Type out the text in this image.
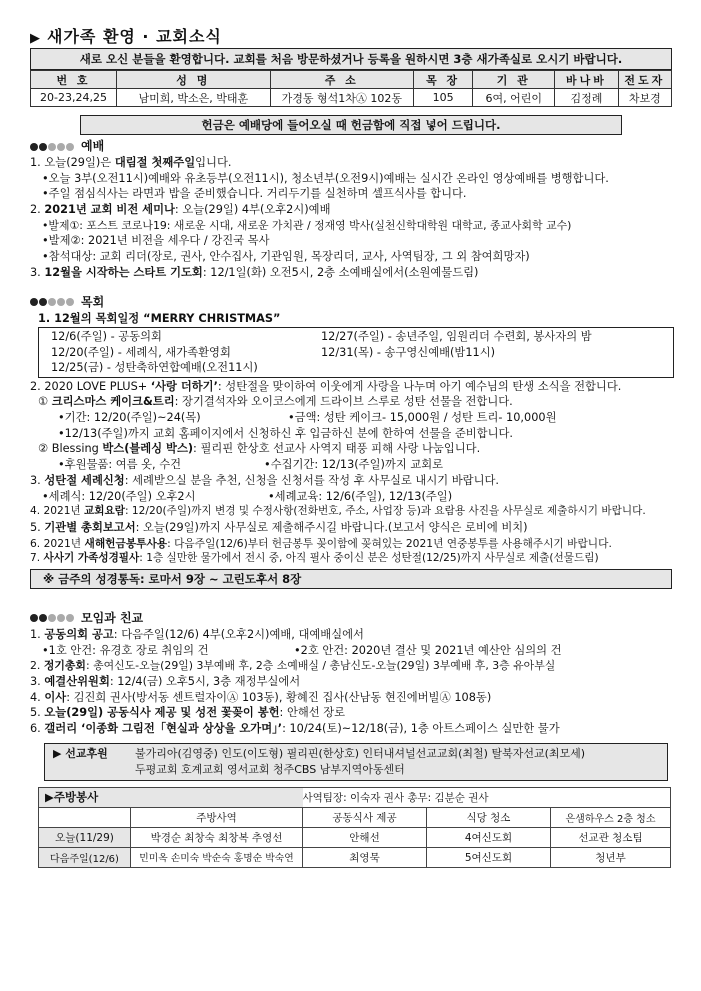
▶ 새가족 환영 · 교회소식
새로 오신 분들을 환영합니다. 교회를 처음 방문하셨거나 등록을 원하시면 3층 새가족실로 오시기 바랍니다.
번 호	성 명	주 소	목 장	기 관	바나바	전도자
20-23,24,25	남미희, 박소은, 박태훈	가경동 형석1차Ⓐ 102동	105	6여, 어린이	김정례	차보경
헌금은 예배당에 들어오실 때 헌금함에 직접 넣어 드립니다.
예배
1. 오늘(29일)은 대림절 첫째주일입니다.
•오늘 3부(오전11시)예배와 유초등부(오전11시), 청소년부(오전9시)예배는 실시간 온라인 영상예배를 병행합니다.
•주일 점심식사는 라면과 밥을 준비했습니다. 거리두기를 실천하며 셀프식사를 합니다.
2. 2021년 교회 비전 세미나: 오늘(29일) 4부(오후2시)예배
•발제①: 포스트 코로나19: 새로운 시대, 새로운 가치관 / 정재영 박사(실천신학대학원 대학교, 종교사회학 교수)
•발제②: 2021년 비전을 세우다 / 강진국 목사
•참석대상: 교회 리더(장로, 권사, 안수집사, 기관임원, 목장리더, 교사, 사역팀장, 그 외 참여희망자)
3. 12월을 시작하는 스타트 기도회: 12/1일(화) 오전5시, 2층 소예배실에서(소원예물드림)
목회
1. 12월의 목회일정 “MERRY CHRISTMAS”
12/6(주일) - 공동의회	12/27(주일) - 송년주일, 임원리더 수련회, 봉사자의 밤
12/20(주일) - 세례식, 새가족환영회	12/31(목) - 송구영신예배(밤11시)
12/25(금) - 성탄축하연합예배(오전11시)
2. 2020 LOVE PLUS+ ‘사랑 더하기’: 성탄절을 맞이하여 이웃에게 사랑을 나누며 아기 예수님의 탄생 소식을 전합니다.
① 크리스마스 케이크&트리: 장기결석자와 오이코스에게 드라이브 스루로 성탄 선물을 전합니다.
•기간: 12/20(주일)~24(목)	•금액: 성탄 케이크- 15,000원 / 성탄 트리- 10,000원
•12/13(주일)까지 교회 홈페이지에서 신청하신 후 입금하신 분에 한하여 선물을 준비합니다.
② Blessing 박스(블레싱 박스): 필리핀 한상호 선교사 사역지 태풍 피해 사랑 나눔입니다.
•후원물품: 여름 옷, 수건	•수집기간: 12/13(주일)까지 교회로
3. 성탄절 세례신청: 세례받으실 분을 추천, 신청을 신청서를 작성 후 사무실로 내시기 바랍니다.
•세례식: 12/20(주일) 오후2시	•세례교육: 12/6(주일), 12/13(주일)
4. 2021년 교회요람: 12/20(주일)까지 변경 및 수정사항(전화번호, 주소, 사업장 등)과 요람용 사진을 사무실로 제출하시기 바랍니다.
5. 기관별 총회보고서: 오늘(29일)까지 사무실로 제출해주시길 바랍니다.(보고서 양식은 로비에 비치)
6. 2021년 새해헌금봉투사용: 다음주일(12/6)부터 헌금봉투 꽂이함에 꽂혀있는 2021년 연중봉투를 사용해주시기 바랍니다.
7. 사사기 가족성경필사: 1층 실만한 물가에서 전시 중, 아직 필사 중이신 분은 성탄절(12/25)까지 사무실로 제출(선물드림)
※ 금주의 성경통독: 로마서 9장 ~ 고린도후서 8장
모임과 친교
1. 공동의회 공고: 다음주일(12/6) 4부(오후2시)예배, 대예배실에서
•1호 안건: 유경호 장로 취임의 건	•2호 안건: 2020년 결산 및 2021년 예산안 심의의 건
2. 정기총회: 총여신도-오늘(29일) 3부예배 후, 2층 소예배실 / 총남신도-오늘(29일) 3부예배 후, 3층 유아부실
3. 예결산위원회: 12/4(금) 오후5시, 3층 재정부실에서
4. 이사: 김진희 권사(방서동 센트럴자이Ⓐ 103동), 황혜진 집사(산남동 현진에버빌Ⓐ 108동)
5. 오늘(29일) 공동식사 제공 및 성전 꽃꽂이 봉헌: 안해선 장로
6. 갤러리 ‘이종화 그림전「현실과 상상을 오가며」’: 10/24(토)~12/18(금), 1층 아트스페이스 실만한 물가
▶ 선교후원 불가리아(김영중) 인도(이도형) 필리핀(한상호) 인터내셔널선교교회(최철) 탈북자선교(최모세)
두평교회 호계교회 영서교회 청주CBS 남부지역아동센터
▶주방봉사		사역팀장: 이숙자 권사 총무: 김분순 권사		
	주방사역	공동식사 제공	식당 청소	은샘하우스 2층 청소
오늘(11/29)	박경순 최창숙 최창복 추영선	안해선	4여신도회	선교관 청소팀
다음주일(12/6)	민미옥 손미숙 박순숙 홍명순 박숙연	최영묵	5여신도회	청년부
